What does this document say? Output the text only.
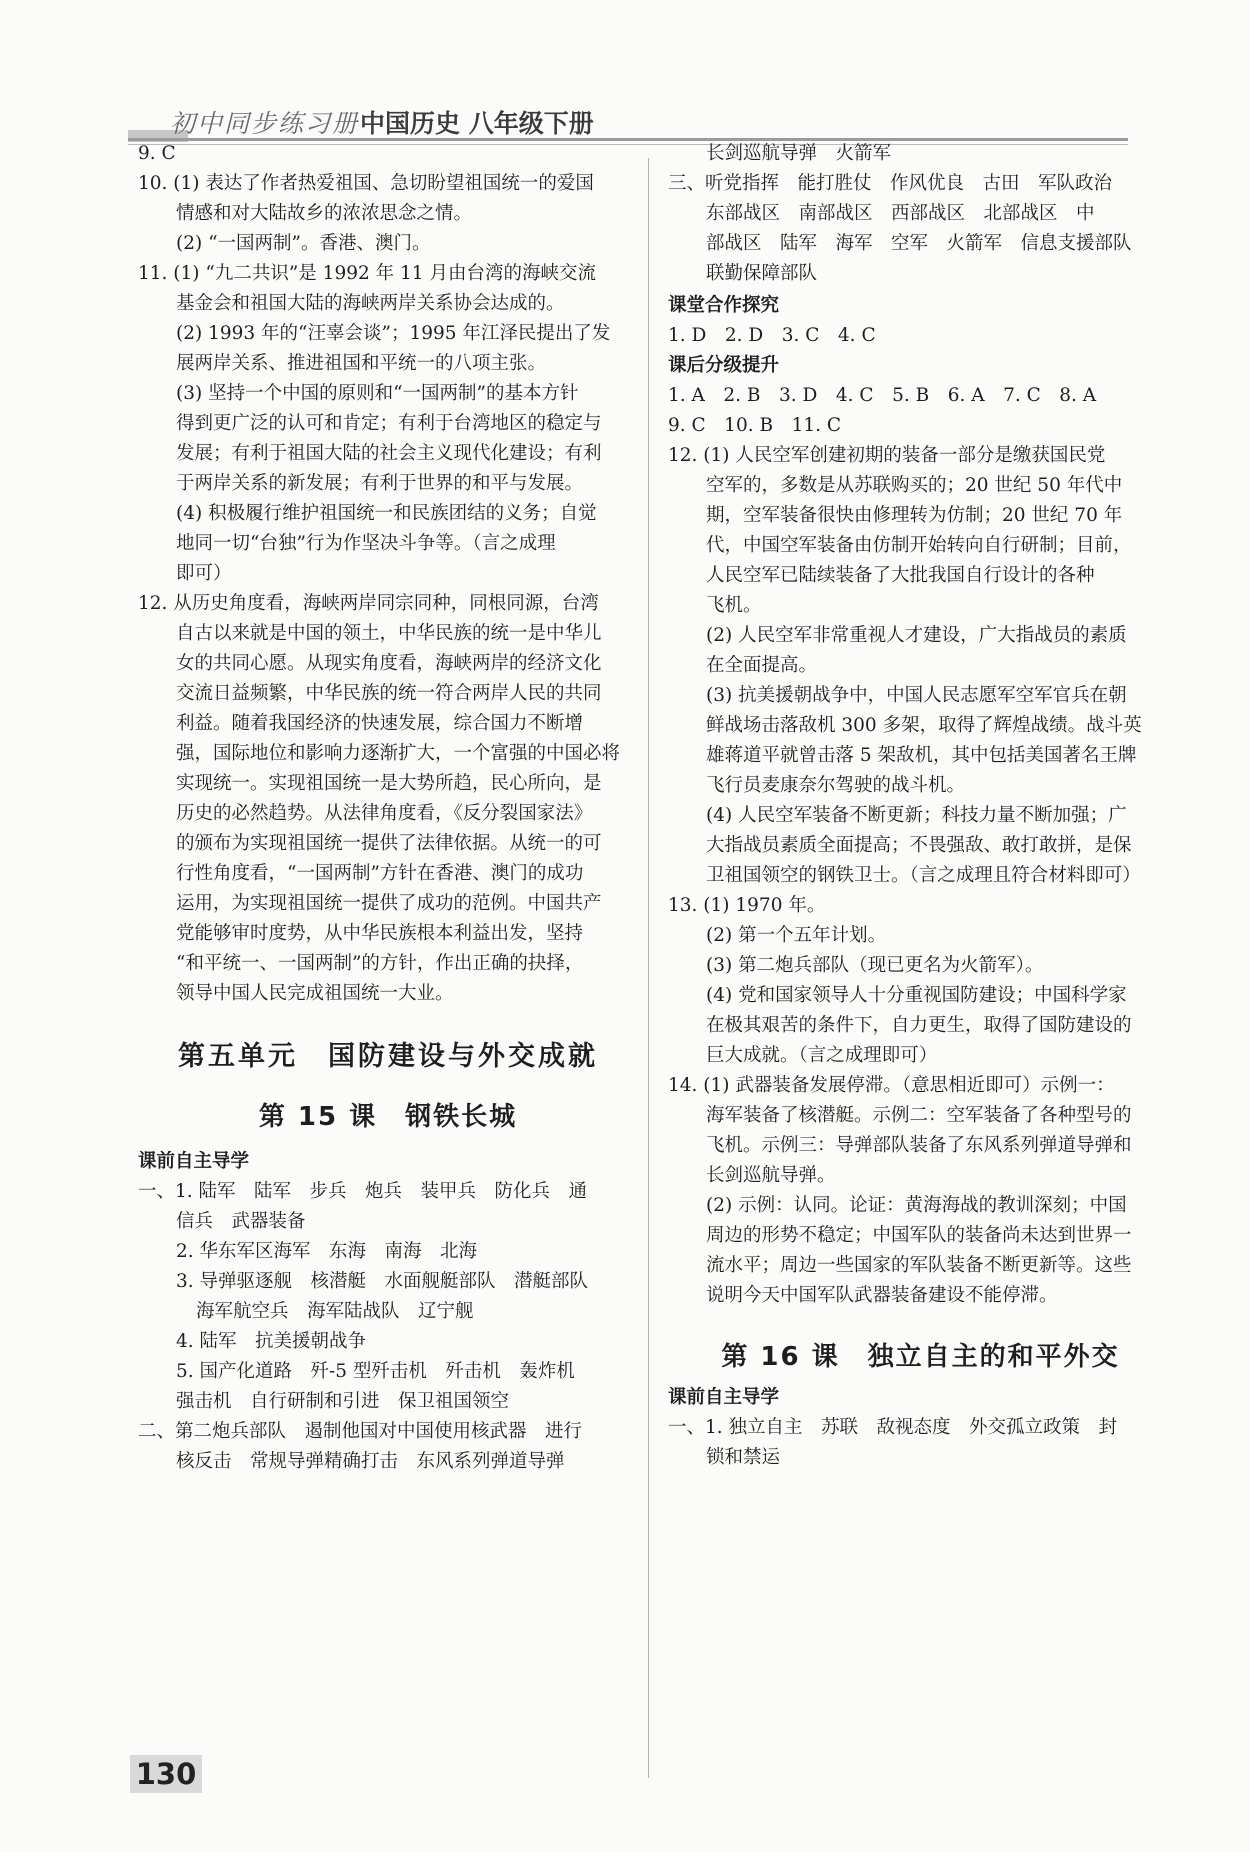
初中同步练习册 中国历史 八年级下册
9. C
10. (1) 表达了作者热爱祖国、急切盼望祖国统一的爱国
情感和对大陆故乡的浓浓思念之情。
(2) “一国两制”。香港、澳门。
11. (1) “九二共识”是 1992 年 11 月由台湾的海峡交流
基金会和祖国大陆的海峡两岸关系协会达成的。
(2) 1993 年的“汪辜会谈”；1995 年江泽民提出了发
展两岸关系、推进祖国和平统一的八项主张。
(3) 坚持一个中国的原则和“一国两制”的基本方针
得到更广泛的认可和肯定；有利于台湾地区的稳定与
发展；有利于祖国大陆的社会主义现代化建设；有利
于两岸关系的新发展；有利于世界的和平与发展。
(4) 积极履行维护祖国统一和民族团结的义务；自觉
地同一切“台独”行为作坚决斗争等。（言之成理
即可）
12. 从历史角度看，海峡两岸同宗同种，同根同源，台湾
自古以来就是中国的领土，中华民族的统一是中华儿
女的共同心愿。从现实角度看，海峡两岸的经济文化
交流日益频繁，中华民族的统一符合两岸人民的共同
利益。随着我国经济的快速发展，综合国力不断增
强，国际地位和影响力逐渐扩大，一个富强的中国必将
实现统一。实现祖国统一是大势所趋，民心所向，是
历史的必然趋势。从法律角度看，《反分裂国家法》
的颁布为实现祖国统一提供了法律依据。从统一的可
行性角度看，“一国两制”方针在香港、澳门的成功
运用，为实现祖国统一提供了成功的范例。中国共产
党能够审时度势，从中华民族根本利益出发，坚持
“和平统一、一国两制”的方针，作出正确的抉择，
领导中国人民完成祖国统一大业。
第五单元　国防建设与外交成就
第 15 课　钢铁长城
课前自主导学
一、1. 陆军　陆军　步兵　炮兵　装甲兵　防化兵　通
信兵　武器装备
2. 华东军区海军　东海　南海　北海
3. 导弹驱逐舰　核潜艇　水面舰艇部队　潜艇部队
海军航空兵　海军陆战队　辽宁舰
4. 陆军　抗美援朝战争
5. 国产化道路　歼-5 型歼击机　歼击机　轰炸机
强击机　自行研制和引进　保卫祖国领空
二、第二炮兵部队　遏制他国对中国使用核武器　进行
核反击　常规导弹精确打击　东风系列弹道导弹
长剑巡航导弹　火箭军
三、听党指挥　能打胜仗　作风优良　古田　军队政治
东部战区　南部战区　西部战区　北部战区　中
部战区　陆军　海军　空军　火箭军　信息支援部队
联勤保障部队
课堂合作探究
1. D　2. D　3. C　4. C
课后分级提升
1. A　2. B　3. D　4. C　5. B　6. A　7. C　8. A
9. C　10. B　11. C
12. (1) 人民空军创建初期的装备一部分是缴获国民党
空军的，多数是从苏联购买的；20 世纪 50 年代中
期，空军装备很快由修理转为仿制；20 世纪 70 年
代，中国空军装备由仿制开始转向自行研制；目前，
人民空军已陆续装备了大批我国自行设计的各种
飞机。
(2) 人民空军非常重视人才建设，广大指战员的素质
在全面提高。
(3) 抗美援朝战争中，中国人民志愿军空军官兵在朝
鲜战场击落敌机 300 多架，取得了辉煌战绩。战斗英
雄蒋道平就曾击落 5 架敌机，其中包括美国著名王牌
飞行员麦康奈尔驾驶的战斗机。
(4) 人民空军装备不断更新；科技力量不断加强；广
大指战员素质全面提高；不畏强敌、敢打敢拼，是保
卫祖国领空的钢铁卫士。（言之成理且符合材料即可）
13. (1) 1970 年。
(2) 第一个五年计划。
(3) 第二炮兵部队（现已更名为火箭军）。
(4) 党和国家领导人十分重视国防建设；中国科学家
在极其艰苦的条件下，自力更生，取得了国防建设的
巨大成就。（言之成理即可）
14. (1) 武器装备发展停滞。（意思相近即可）示例一：
海军装备了核潜艇。示例二：空军装备了各种型号的
飞机。示例三：导弹部队装备了东风系列弹道导弹和
长剑巡航导弹。
(2) 示例：认同。论证：黄海海战的教训深刻；中国
周边的形势不稳定；中国军队的装备尚未达到世界一
流水平；周边一些国家的军队装备不断更新等。这些
说明今天中国军队武器装备建设不能停滞。
第 16 课　独立自主的和平外交
课前自主导学
一、1. 独立自主　苏联　敌视态度　外交孤立政策　封
锁和禁运
130
